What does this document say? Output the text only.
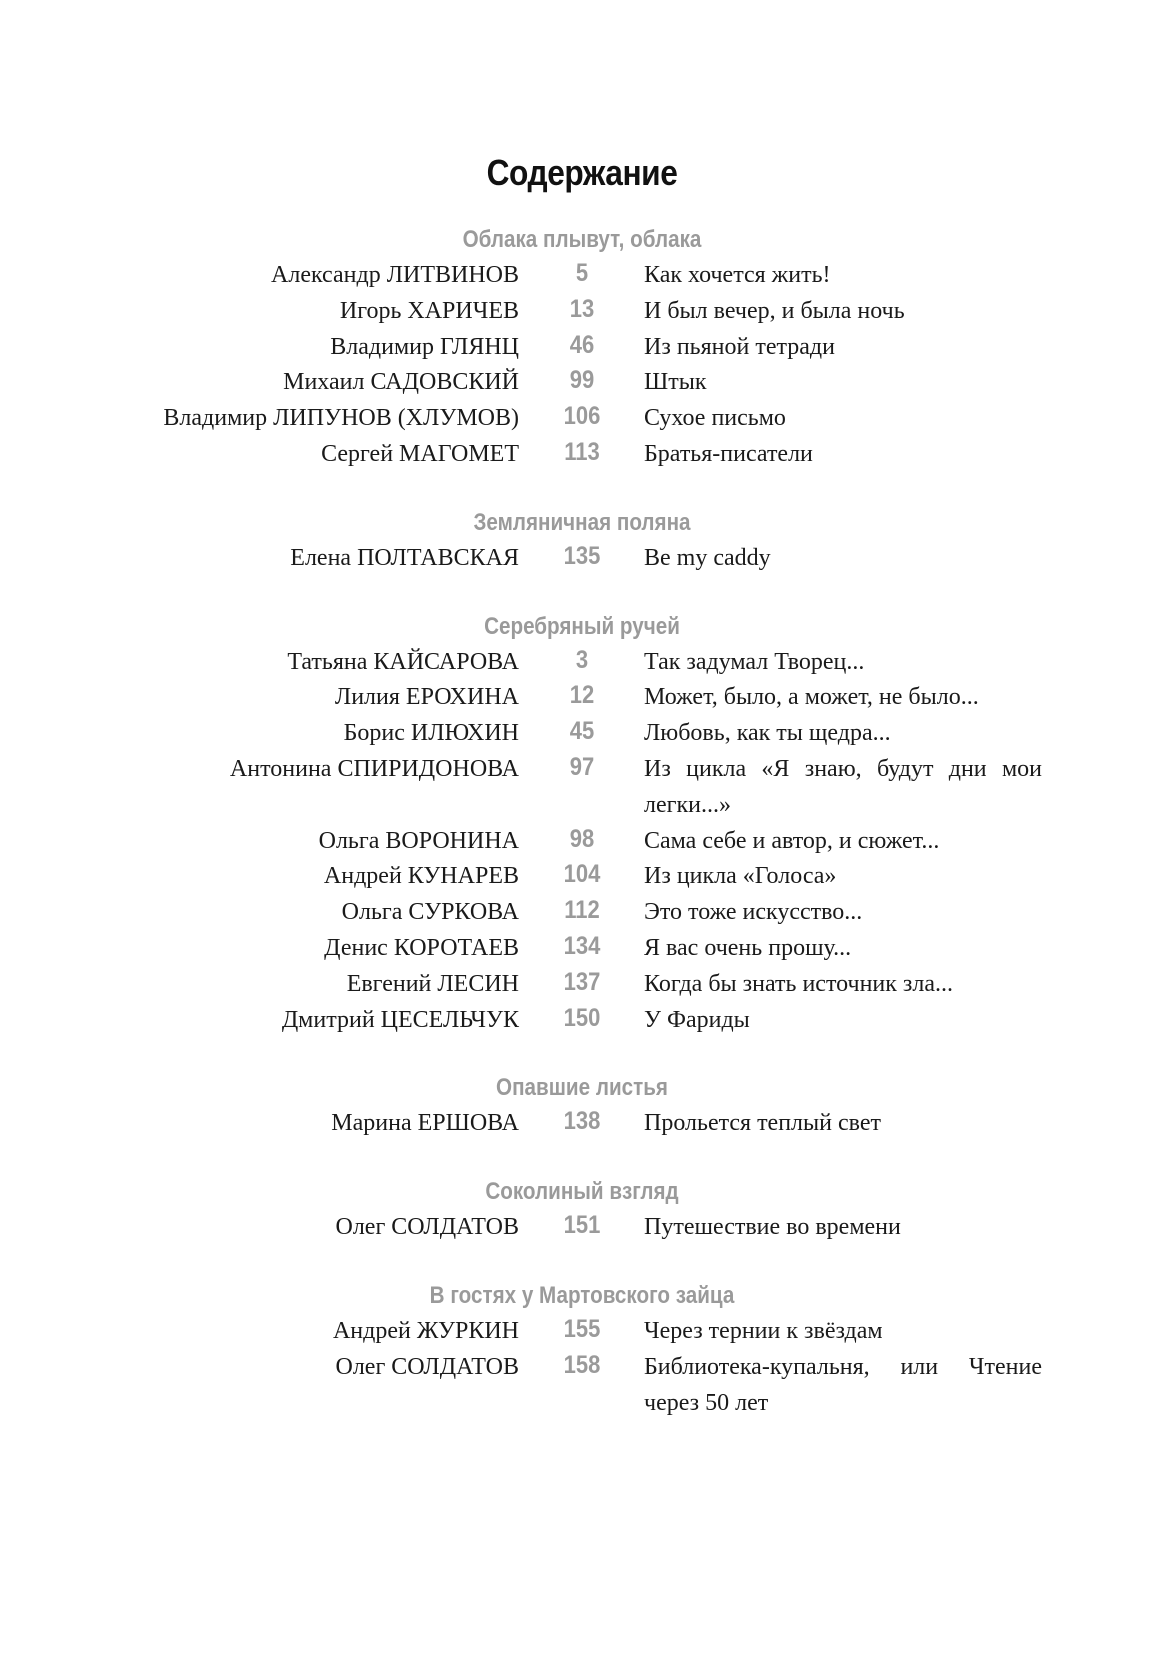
Содержание
Облака плывут, облака
Александр ЛИТВИНОВ	5	Как хочется жить!
Игорь ХАРИЧЕВ	13	И был вечер, и была ночь
Владимир ГЛЯНЦ	46	Из пьяной тетради
Михаил САДОВСКИЙ	99	Штык
Владимир ЛИПУНОВ (ХЛУМОВ)	106	Сухое письмо
Сергей МАГОМЕТ	113	Братья-писатели
Земляничная поляна
Елена ПОЛТАВСКАЯ	135	Be my caddy
Серебряный ручей
Татьяна КАЙСАРОВА	3	Так задумал Творец...
Лилия ЕРОХИНА	12	Может, было, а может, не было...
Борис ИЛЮХИН	45	Любовь, как ты щедра...
Антонина СПИРИДОНОВА	97	Из цикла «Я знаю, будут дни мои легки...»
Ольга ВОРОНИНА	98	Сама себе и автор, и сюжет...
Андрей КУНАРЕВ	104	Из цикла «Голоса»
Ольга СУРКОВА	112	Это тоже искусство...
Денис КОРОТАЕВ	134	Я вас очень прошу...
Евгений ЛЕСИН	137	Когда бы знать источник зла...
Дмитрий ЦЕСЕЛЬЧУК	150	У Фариды
Опавшие листья
Марина ЕРШОВА	138	Прольется теплый свет
Соколиный взгляд
Олег СОЛДАТОВ	151	Путешествие во времени
В гостях у Мартовского зайца
Андрей ЖУРКИН	155	Через тернии к звёздам
Олег СОЛДАТОВ	158	Библиотека-купальня, или Чтение через 50 лет
